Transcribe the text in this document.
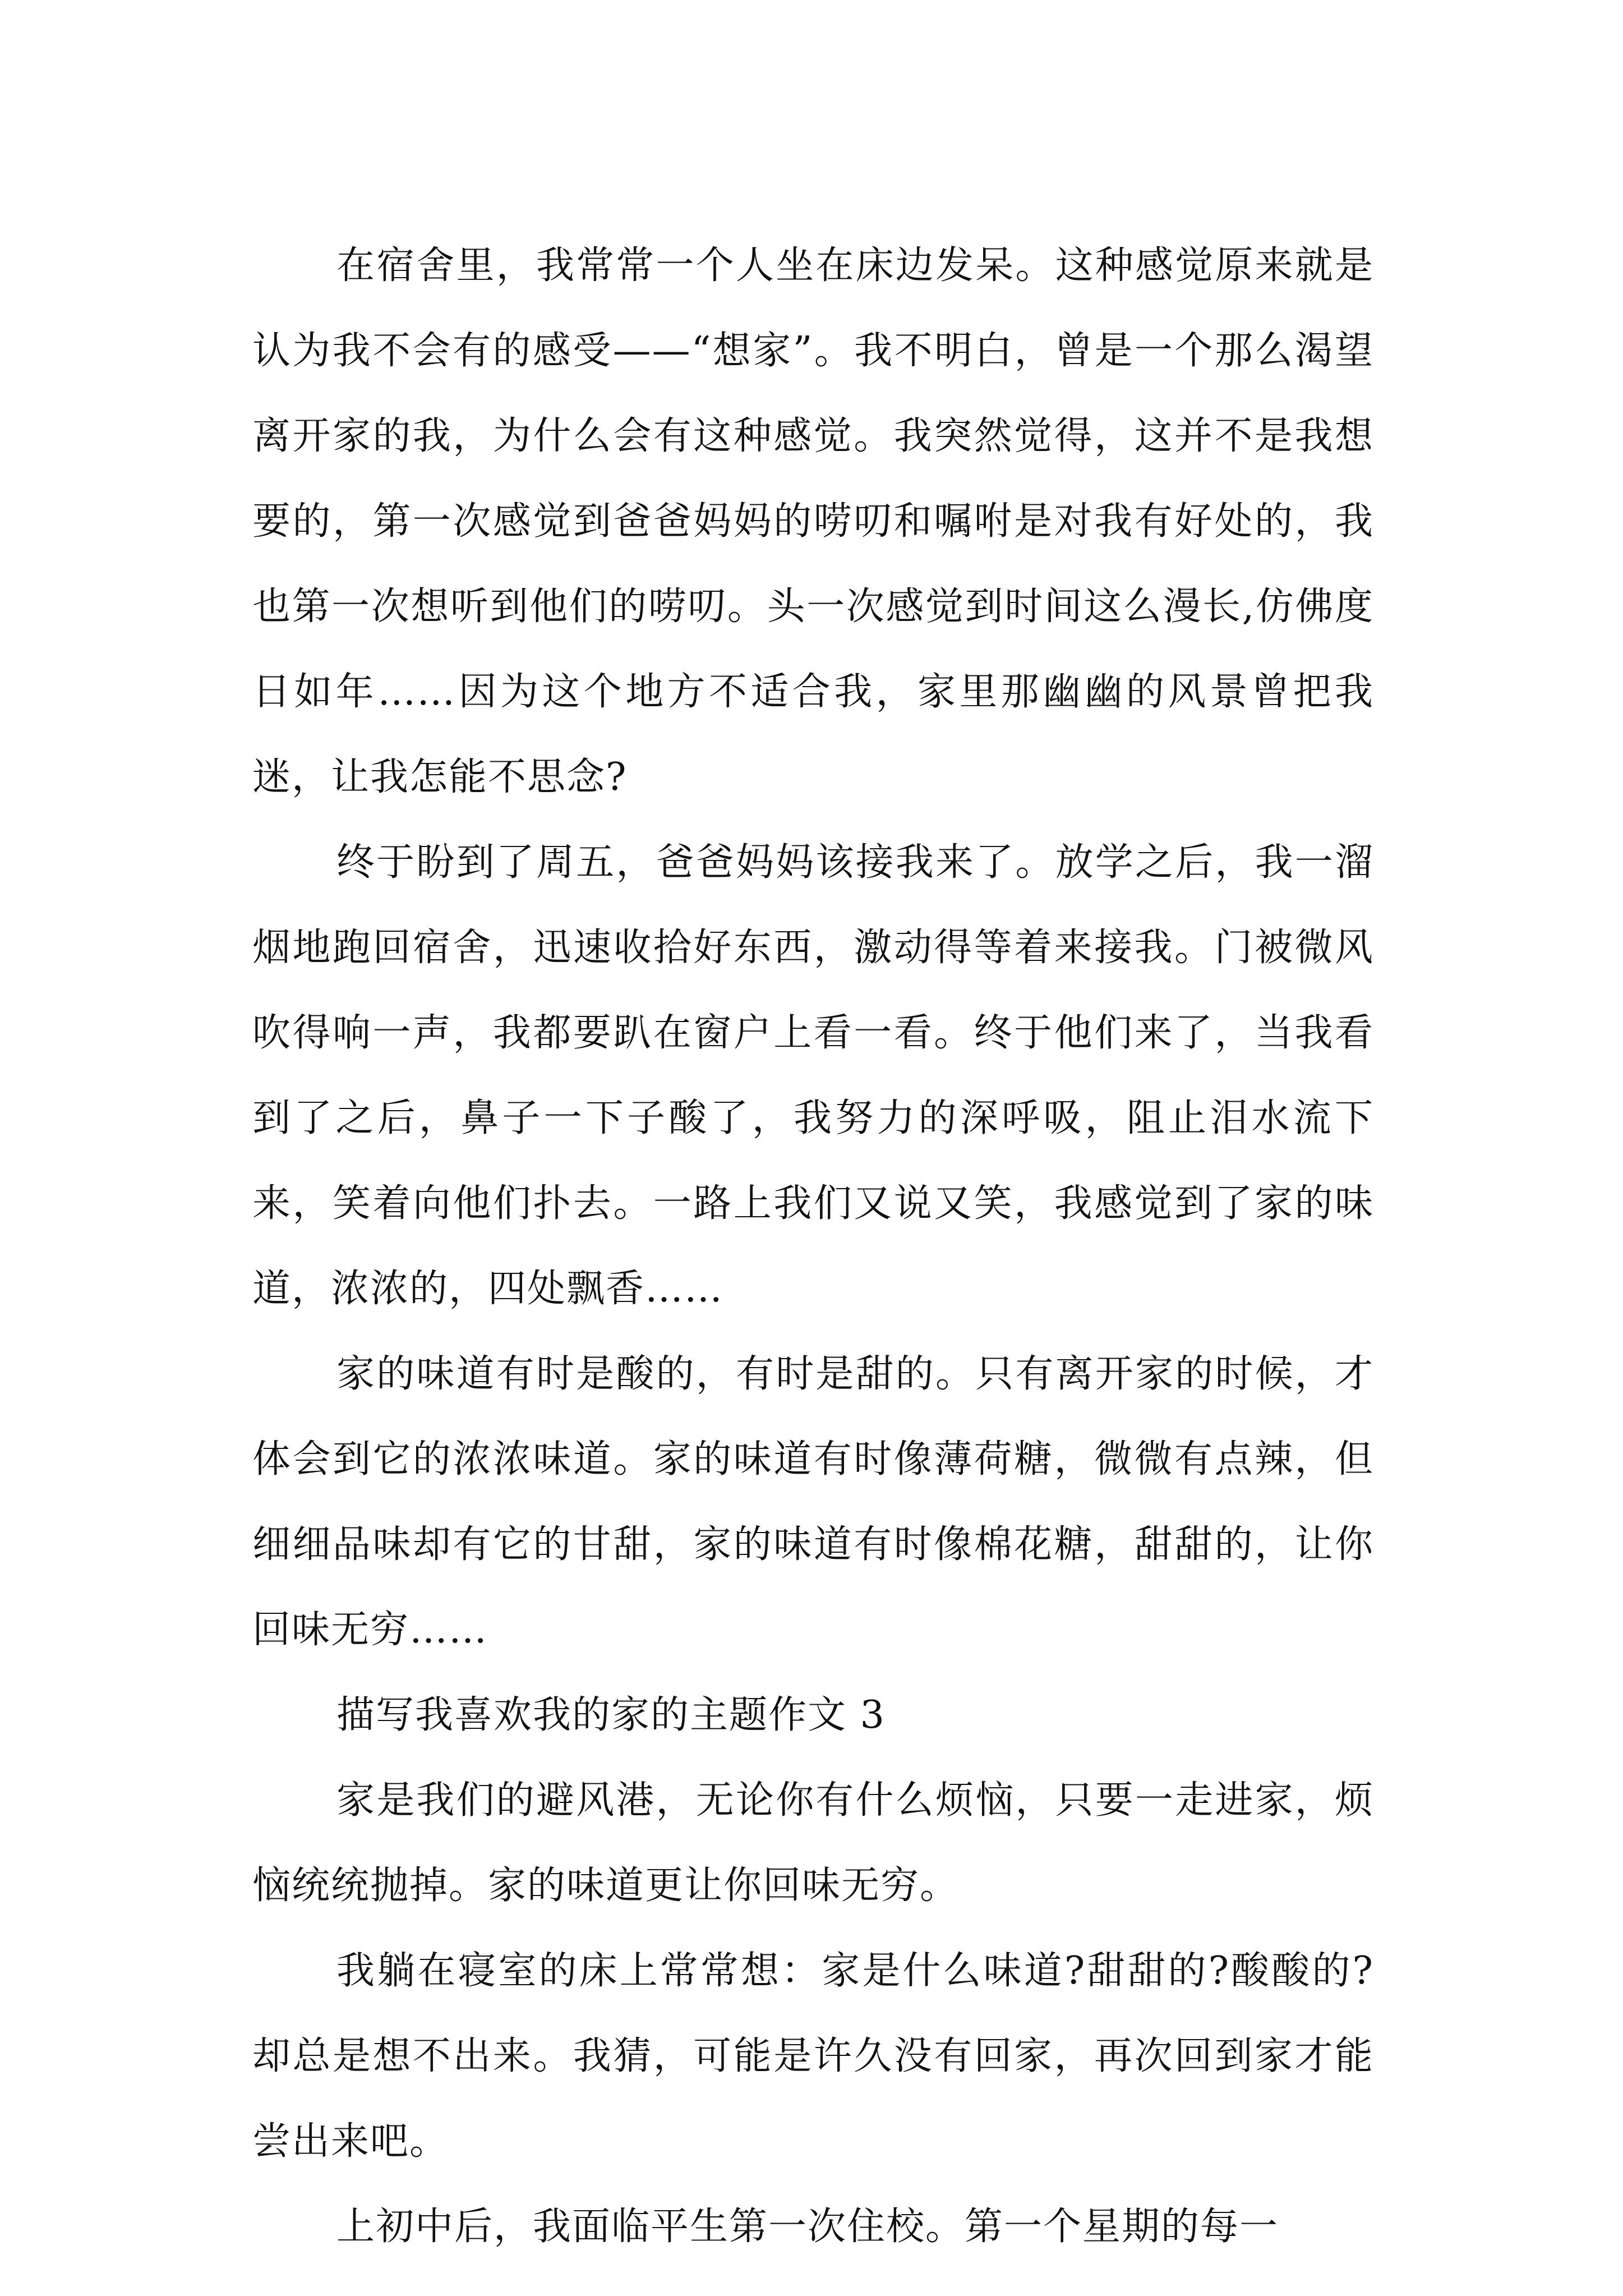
在宿舍里，我常常一个人坐在床边发呆。这种感觉原来就是认为我不会有的感受——“想家”。我不明白，曾是一个那么渴望离开家的我，为什么会有这种感觉。我突然觉得，这并不是我想要的，第一次感觉到爸爸妈妈的唠叨和嘱咐是对我有好处的，我也第一次想听到他们的唠叨。头一次感觉到时间这么漫长,仿佛度日如年……因为这个地方不适合我，家里那幽幽的风景曾把我迷，让我怎能不思念?

终于盼到了周五，爸爸妈妈该接我来了。放学之后，我一溜烟地跑回宿舍，迅速收拾好东西，激动得等着来接我。门被微风吹得响一声，我都要趴在窗户上看一看。终于他们来了，当我看到了之后，鼻子一下子酸了，我努力的深呼吸，阻止泪水流下来，笑着向他们扑去。一路上我们又说又笑，我感觉到了家的味道，浓浓的，四处飘香……

家的味道有时是酸的，有时是甜的。只有离开家的时候，才体会到它的浓浓味道。家的味道有时像薄荷糖，微微有点辣，但细细品味却有它的甘甜，家的味道有时像棉花糖，甜甜的，让你回味无穷……

描写我喜欢我的家的主题作文 3

家是我们的避风港，无论你有什么烦恼，只要一走进家，烦恼统统抛掉。家的味道更让你回味无穷。

我躺在寝室的床上常常想：家是什么味道?甜甜的?酸酸的?却总是想不出来。我猜，可能是许久没有回家，再次回到家才能尝出来吧。

上初中后，我面临平生第一次住校。第一个星期的每一
